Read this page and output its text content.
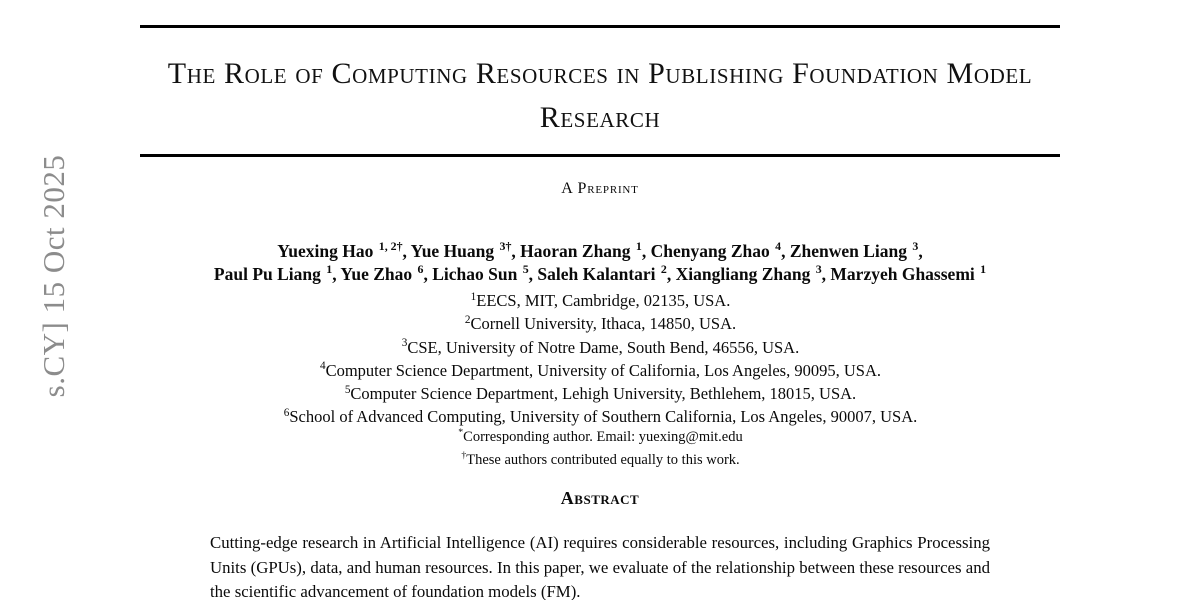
s.CY] 15 Oct 2025
The Role of Computing Resources in Publishing Foundation Model Research
A Preprint
Yuexing Hao $^{1, 2\dagger}$, Yue Huang $^{3\dagger}$, Haoran Zhang $^1$, Chenyang Zhao $^4$, Zhenwen Liang $^3$,
Paul Pu Liang $^1$, Yue Zhao $^6$, Lichao Sun $^5$, Saleh Kalantari $^2$, Xiangliang Zhang $^3$, Marzyeh Ghassemi $^1$
$^1$EECS, MIT, Cambridge, 02135, USA.
$^2$Cornell University, Ithaca, 14850, USA.
$^3$CSE, University of Notre Dame, South Bend, 46556, USA.
$^4$Computer Science Department, University of California, Los Angeles, 90095, USA.
$^5$Computer Science Department, Lehigh University, Bethlehem, 18015, USA.
$^6$School of Advanced Computing, University of Southern California, Los Angeles, 90007, USA.
*Corresponding author. Email: yuexing@mit.edu
†These authors contributed equally to this work.
Abstract

Cutting-edge research in Artificial Intelligence (AI) requires considerable resources, including Graphics Processing Units (GPUs), data, and human resources. In this paper, we evaluate of the relationship between these resources and the scientific advancement of foundation models (FM).
